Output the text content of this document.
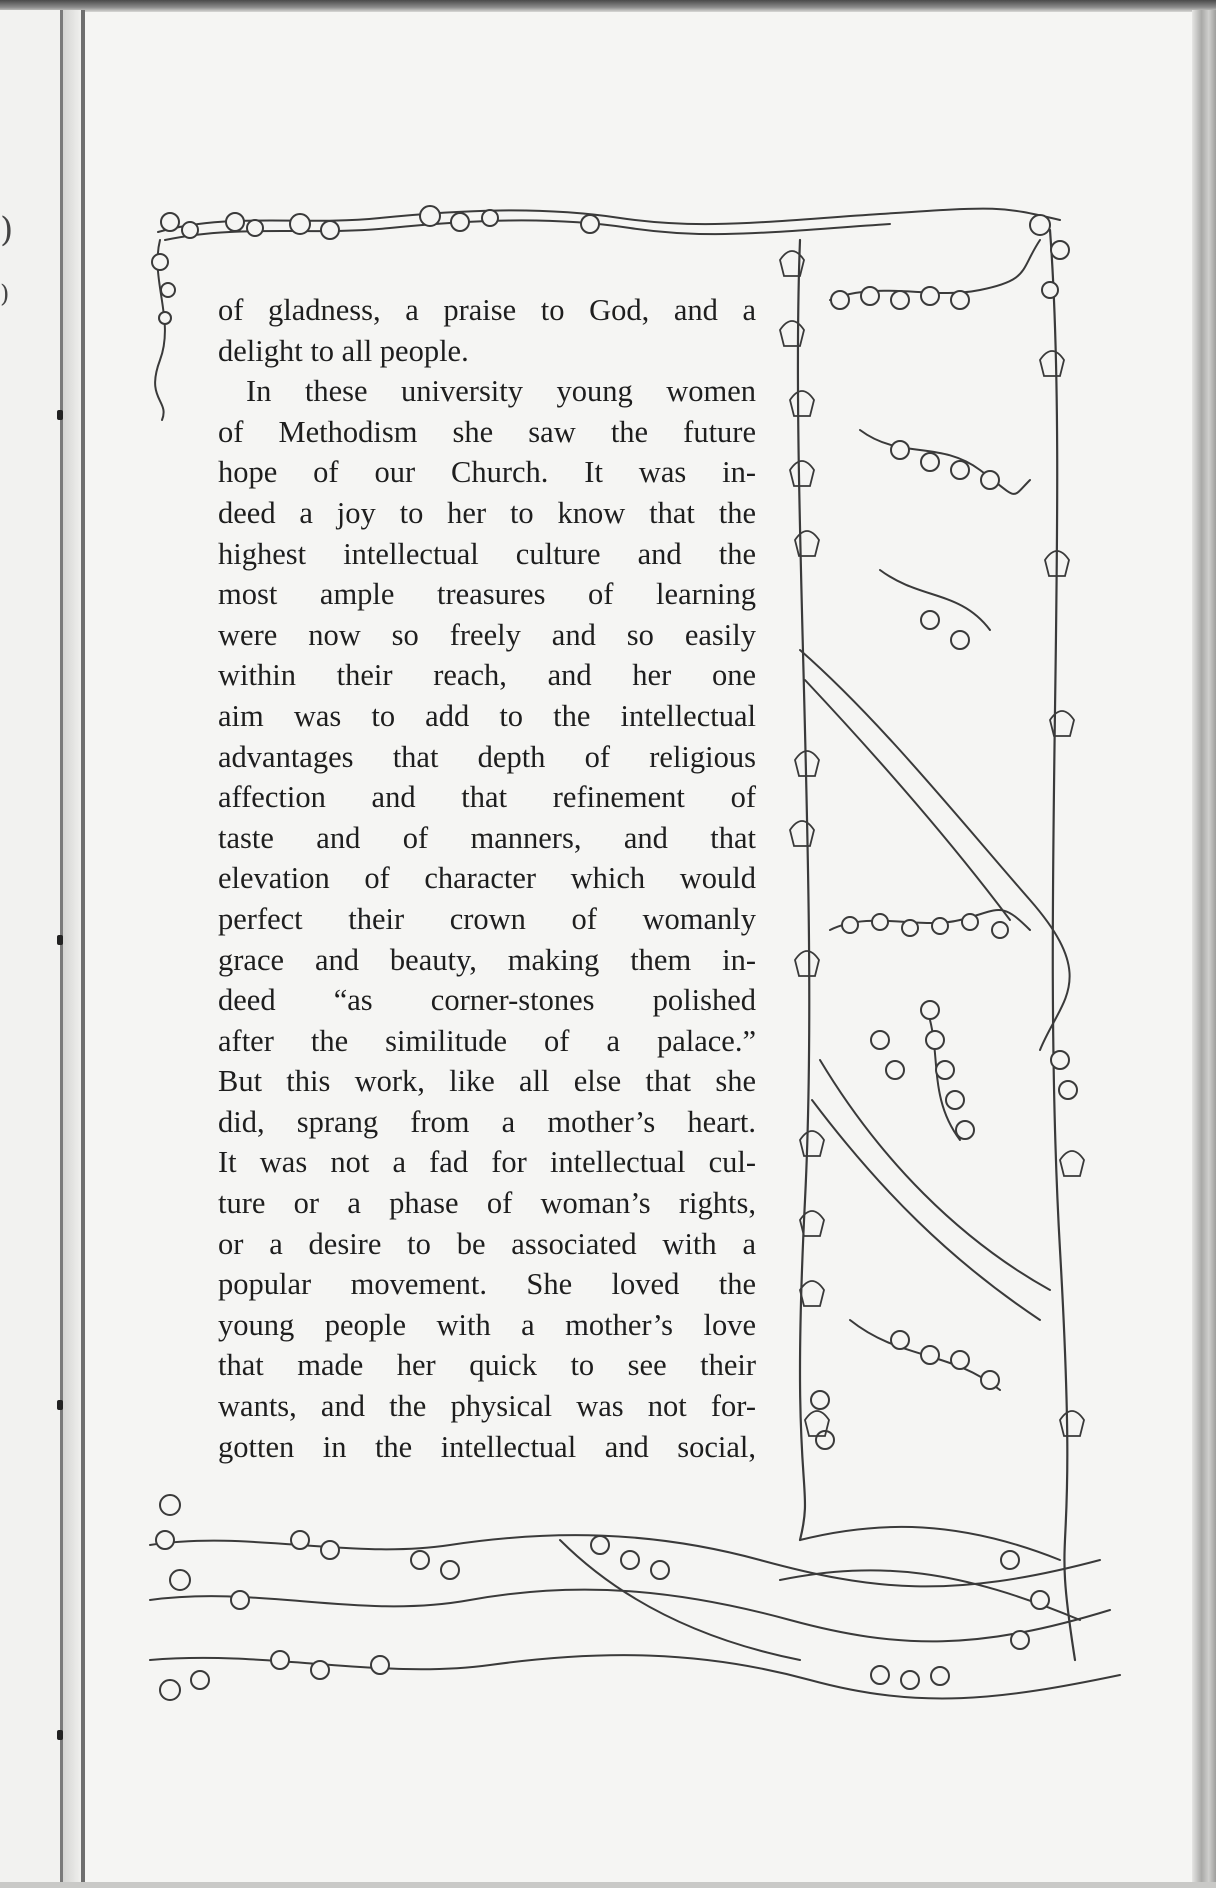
)
)	of gladness, a praise to God, and a
delight to all people.
In these university young women
of Methodism she saw the future
hope of our Church. It was in-
deed a joy to her to know that the
highest intellectual culture and the
most ample treasures of learning
were now so freely and so easily
within their reach, and her one
aim was to add to the intellectual
advantages that depth of religious
affection and that refinement of
taste and of manners, and that
elevation of character which would
perfect their crown of womanly
grace and beauty, making them in-
deed “as corner-stones polished
after the similitude of a palace.”
But this work, like all else that she
did, sprang from a mother’s heart.
It was not a fad for intellectual cul-
ture or a phase of woman’s rights,
or a desire to be associated with a
popular movement. She loved the
young people with a mother’s love
that made her quick to see their
wants, and the physical was not for-
gotten in the intellectual and social,
